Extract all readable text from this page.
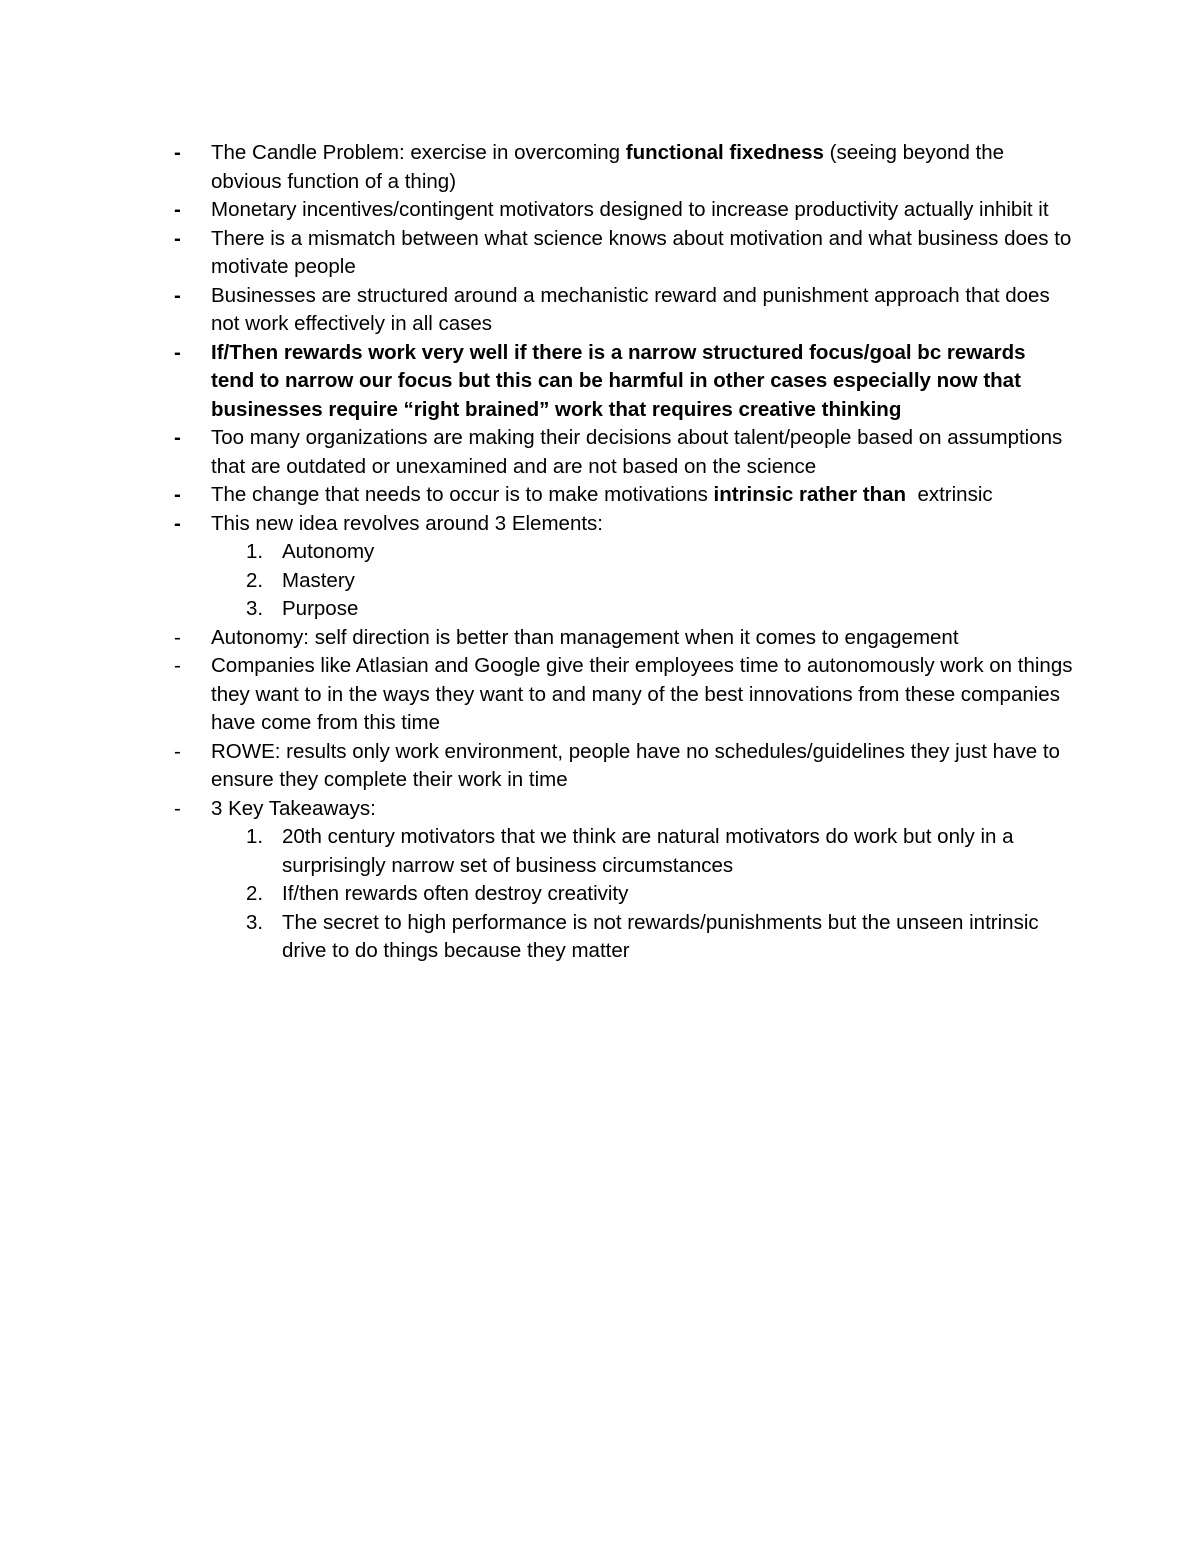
-	The Candle Problem: exercise in overcoming functional fixedness (seeing beyond the obvious function of a thing)
-	Monetary incentives/contingent motivators designed to increase productivity actually inhibit it
-	There is a mismatch between what science knows about motivation and what business does to motivate people
-	Businesses are structured around a mechanistic reward and punishment approach that does not work effectively in all cases
-	If/Then rewards work very well if there is a narrow structured focus/goal bc rewards tend to narrow our focus but this can be harmful in other cases especially now that businesses require “right brained” work that requires creative thinking
-	Too many organizations are making their decisions about talent/people based on assumptions that are outdated or unexamined and are not based on the science
-	The change that needs to occur is to make motivations intrinsic rather than  extrinsic
-	This new idea revolves around 3 Elements:
1. Autonomy
2. Mastery
3. Purpose
-	Autonomy: self direction is better than management when it comes to engagement
-	Companies like Atlasian and Google give their employees time to autonomously work on things they want to in the ways they want to and many of the best innovations from these companies have come from this time
-	ROWE: results only work environment, people have no schedules/guidelines they just have to ensure they complete their work in time
-	3 Key Takeaways:
1. 20th century motivators that we think are natural motivators do work but only in a surprisingly narrow set of business circumstances
2. If/then rewards often destroy creativity
3. The secret to high performance is not rewards/punishments but the unseen intrinsic drive to do things because they matter
